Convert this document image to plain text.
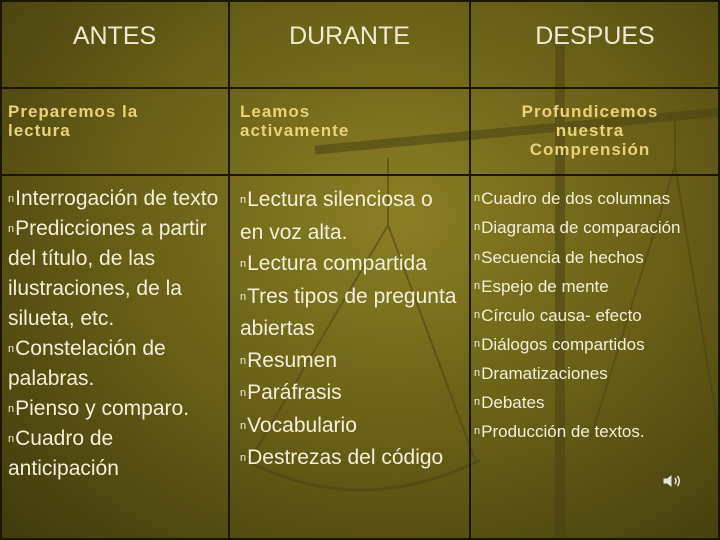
ANTES	DURANTE	DESPUES
Preparemos la lectura
Leamos activamente
Profundicemos nuestra Comprensión
nInterrogación de texto
nPredicciones a partir del título, de las ilustraciones, de la silueta, etc.
nConstelación de palabras.
nPienso y comparo.
nCuadro de anticipación
nLectura silenciosa o en voz alta.
nLectura compartida
nTres tipos de pregunta abiertas
nResumen
nParáfrasis
nVocabulario
nDestrezas del código
nCuadro de dos columnas
nDiagrama de comparación
nSecuencia de hechos
nEspejo de mente
nCírculo causa- efecto
nDiálogos compartidos
nDramatizaciones
nDebates
nProducción de textos.
